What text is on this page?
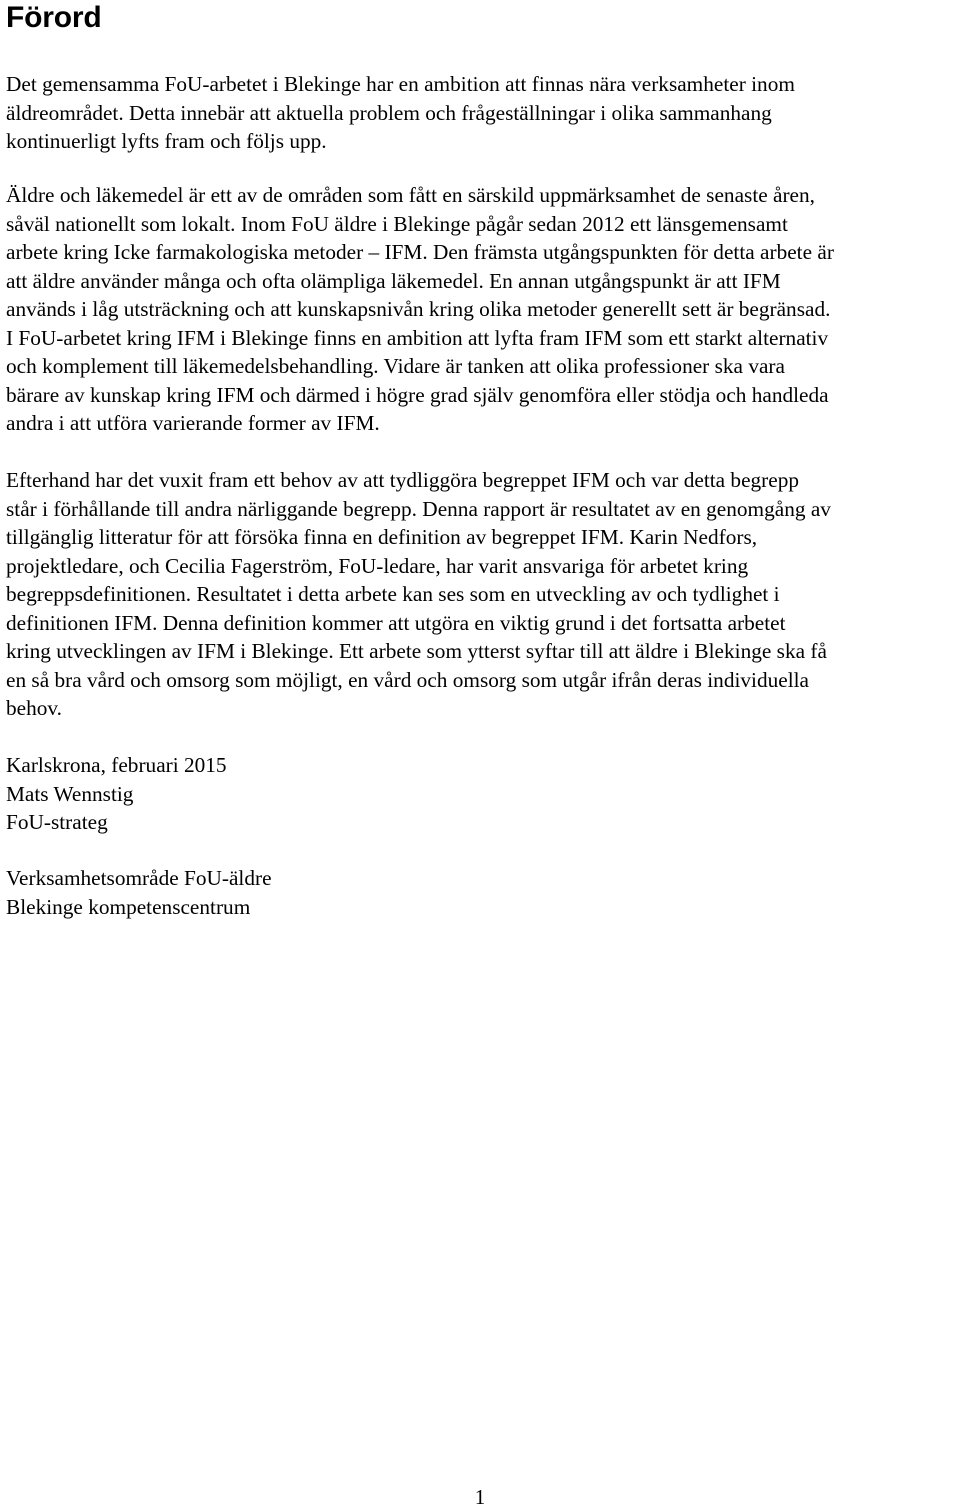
Förord
Det gemensamma FoU-arbetet i Blekinge har en ambition att finnas nära verksamheter inom
äldreområdet. Detta innebär att aktuella problem och frågeställningar i olika sammanhang
kontinuerligt lyfts fram och följs upp.
Äldre och läkemedel är ett av de områden som fått en särskild uppmärksamhet de senaste åren,
såväl nationellt som lokalt. Inom FoU äldre i Blekinge pågår sedan 2012 ett länsgemensamt
arbete kring Icke farmakologiska metoder – IFM. Den främsta utgångspunkten för detta arbete är
att äldre använder många och ofta olämpliga läkemedel. En annan utgångspunkt är att IFM
används i låg utsträckning och att kunskapsnivån kring olika metoder generellt sett är begränsad.
I FoU-arbetet kring IFM i Blekinge finns en ambition att lyfta fram IFM som ett starkt alternativ
och komplement till läkemedelsbehandling. Vidare är tanken att olika professioner ska vara
bärare av kunskap kring IFM och därmed i högre grad själv genomföra eller stödja och handleda
andra i att utföra varierande former av IFM.
Efterhand har det vuxit fram ett behov av att tydliggöra begreppet IFM och var detta begrepp
står i förhållande till andra närliggande begrepp. Denna rapport är resultatet av en genomgång av
tillgänglig litteratur för att försöka finna en definition av begreppet IFM. Karin Nedfors,
projektledare, och Cecilia Fagerström, FoU-ledare, har varit ansvariga för arbetet kring
begreppsdefinitionen. Resultatet i detta arbete kan ses som en utveckling av och tydlighet i
definitionen IFM. Denna definition kommer att utgöra en viktig grund i det fortsatta arbetet
kring utvecklingen av IFM i Blekinge. Ett arbete som ytterst syftar till att äldre i Blekinge ska få
en så bra vård och omsorg som möjligt, en vård och omsorg som utgår ifrån deras individuella
behov.
Karlskrona, februari 2015
Mats Wennstig
FoU-strateg
Verksamhetsområde FoU-äldre
Blekinge kompetenscentrum
1
